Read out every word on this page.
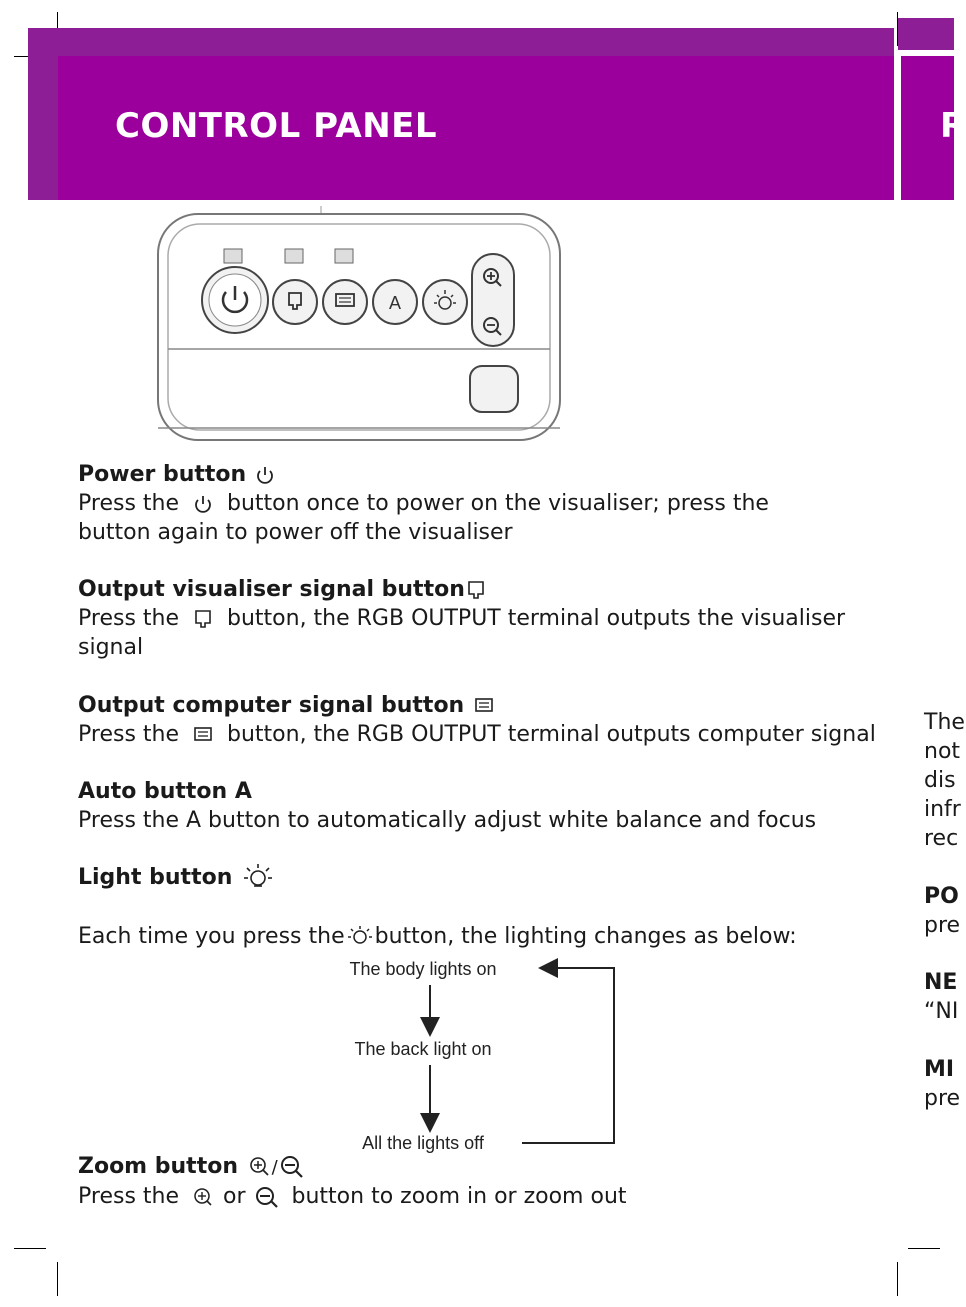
CONTROL PANEL	R
A
Power button
Press the button once to power on the visualiser; press the
button again to power off the visualiser
Output visualiser signal button
Press the button, the RGB OUTPUT terminal outputs the visualiser
signal
Output computer signal button
Press the button, the RGB OUTPUT terminal outputs computer signal
Auto button A
Press the A button to automatically adjust white balance and focus
Light button
Each time you press the button, the lighting changes as below:
The body lights on
The back light on
All the lights off
Zoom button /
Press the or button to zoom in or zoom out
The
not
dis
infr
rec
PO
pre
NE
“NI
MI
pre
